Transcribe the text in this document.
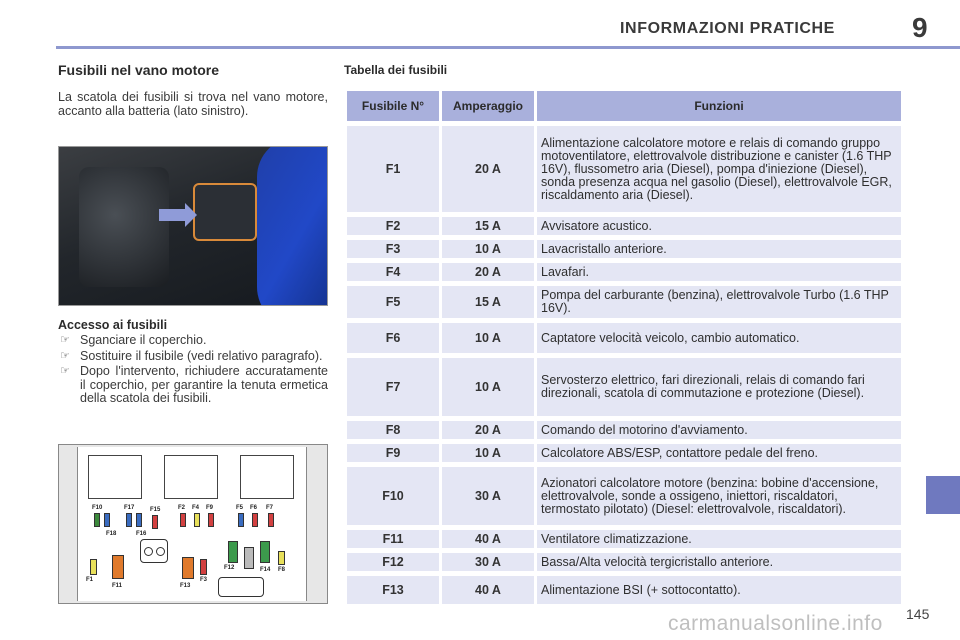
INFORMAZIONI PRATICHE	9
Fusibili nel vano motore
La scatola dei fusibili si trova nel vano motore, accanto alla batteria (lato sinistro).
Accesso ai fusibili
☞ Sganciare il coperchio.
☞ Sostituire il fusibile (vedi relativo paragrafo).
☞ Dopo l'intervento, richiudere accuratamente il coperchio, per garantire la tenuta ermetica della scatola dei fusibili.
F10	F17	F15	F2 F4 F9	F5 F6 F7
F18	F16
F1
F11	F13
F3
F12	F14 F8
Tabella dei fusibili
Fusibile N°	Amperaggio	Funzioni
F1	20 A	Alimentazione calcolatore motore e relais di comando gruppo motoventilatore, elettrovalvole distribuzione e canister (1.6 THP 16V), flussometro aria (Diesel), pompa d'iniezione (Diesel), sonda presenza acqua nel gasolio (Diesel), elettrovalvole EGR, riscaldamento aria (Diesel).
F2	15 A	Avvisatore acustico.
F3	10 A	Lavacristallo anteriore.
F4	20 A	Lavafari.
F5	15 A	Pompa del carburante (benzina), elettrovalvole Turbo (1.6 THP 16V).
F6	10 A	Captatore velocità veicolo, cambio automatico.
F7	10 A	Servosterzo elettrico, fari direzionali, relais di comando fari direzionali, scatola di commutazione e protezione (Diesel).
F8	20 A	Comando del motorino d'avviamento.
F9	10 A	Calcolatore ABS/ESP, contattore pedale del freno.
F10	30 A	Azionatori calcolatore motore (benzina: bobine d'accensione, elettrovalvole, sonde a ossigeno, iniettori, riscaldatori, termostato pilotato) (Diesel: elettrovalvole, riscaldatori).
F11	40 A	Ventilatore climatizzazione.
F12	30 A	Bassa/Alta velocità tergicristallo anteriore.
F13	40 A	Alimentazione BSI (+ sottocontatto).
145
carmanualsonline.info
